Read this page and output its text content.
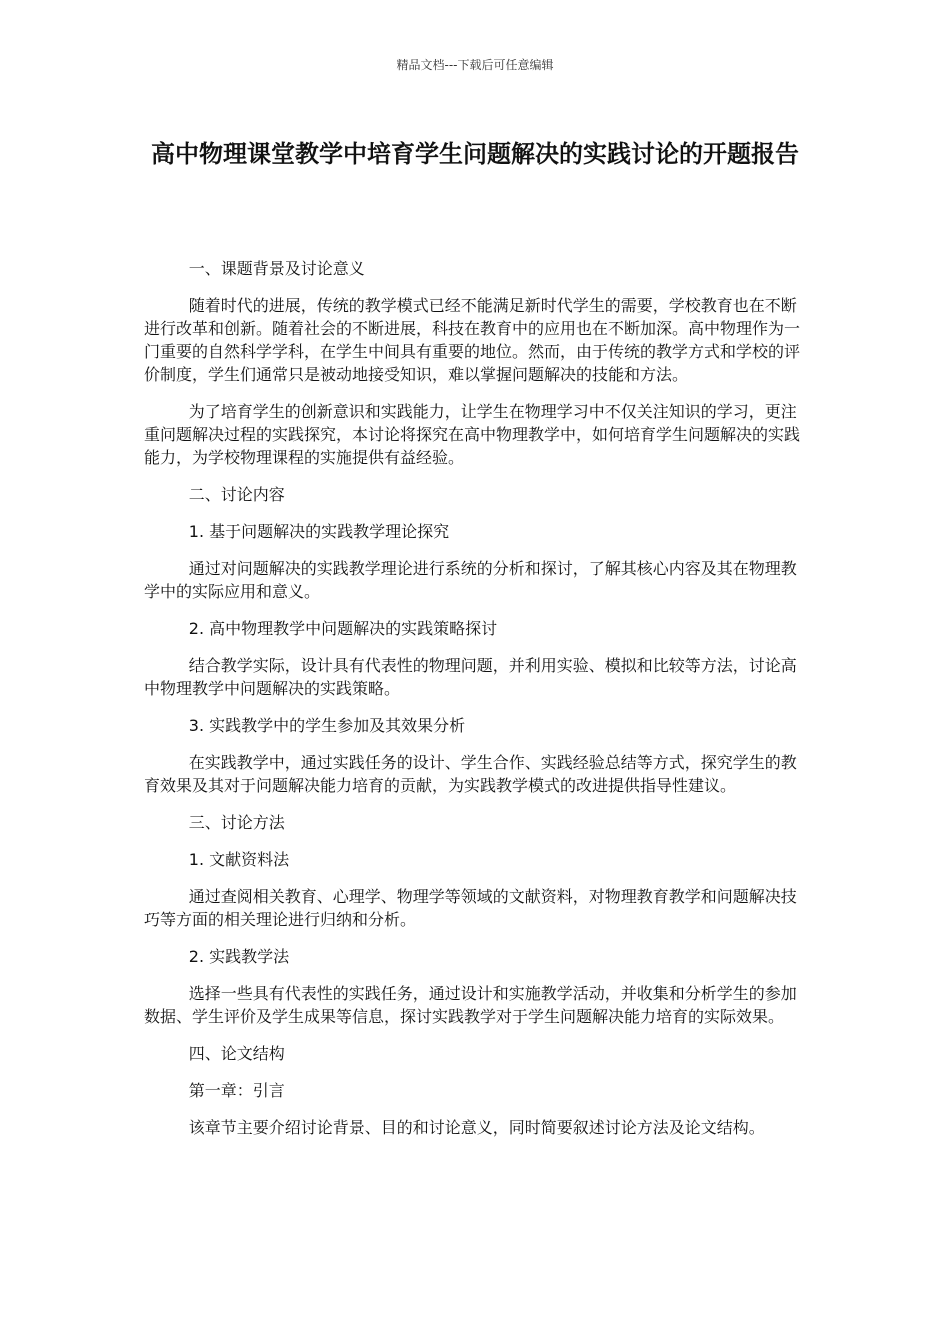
精品文档---下载后可任意编辑
高中物理课堂教学中培育学生问题解决的实践讨论的开题报告

一、课题背景及讨论意义

随着时代的进展，传统的教学模式已经不能满足新时代学生的需要，学校教育也在不断进行改革和创新。随着社会的不断进展，科技在教育中的应用也在不断加深。高中物理作为一门重要的自然科学学科，在学生中间具有重要的地位。然而，由于传统的教学方式和学校的评价制度，学生们通常只是被动地接受知识，难以掌握问题解决的技能和方法。

为了培育学生的创新意识和实践能力，让学生在物理学习中不仅关注知识的学习，更注重问题解决过程的实践探究，本讨论将探究在高中物理教学中，如何培育学生问题解决的实践能力，为学校物理课程的实施提供有益经验。

二、讨论内容

1. 基于问题解决的实践教学理论探究

通过对问题解决的实践教学理论进行系统的分析和探讨，了解其核心内容及其在物理教学中的实际应用和意义。

2. 高中物理教学中问题解决的实践策略探讨

结合教学实际，设计具有代表性的物理问题，并利用实验、模拟和比较等方法，讨论高中物理教学中问题解决的实践策略。

3. 实践教学中的学生参加及其效果分析

在实践教学中，通过实践任务的设计、学生合作、实践经验总结等方式，探究学生的教育效果及其对于问题解决能力培育的贡献，为实践教学模式的改进提供指导性建议。

三、讨论方法

1. 文献资料法

通过查阅相关教育、心理学、物理学等领域的文献资料，对物理教育教学和问题解决技巧等方面的相关理论进行归纳和分析。

2. 实践教学法

选择一些具有代表性的实践任务，通过设计和实施教学活动，并收集和分析学生的参加数据、学生评价及学生成果等信息，探讨实践教学对于学生问题解决能力培育的实际效果。

四、论文结构

第一章：引言

该章节主要介绍讨论背景、目的和讨论意义，同时简要叙述讨论方法及论文结构。
